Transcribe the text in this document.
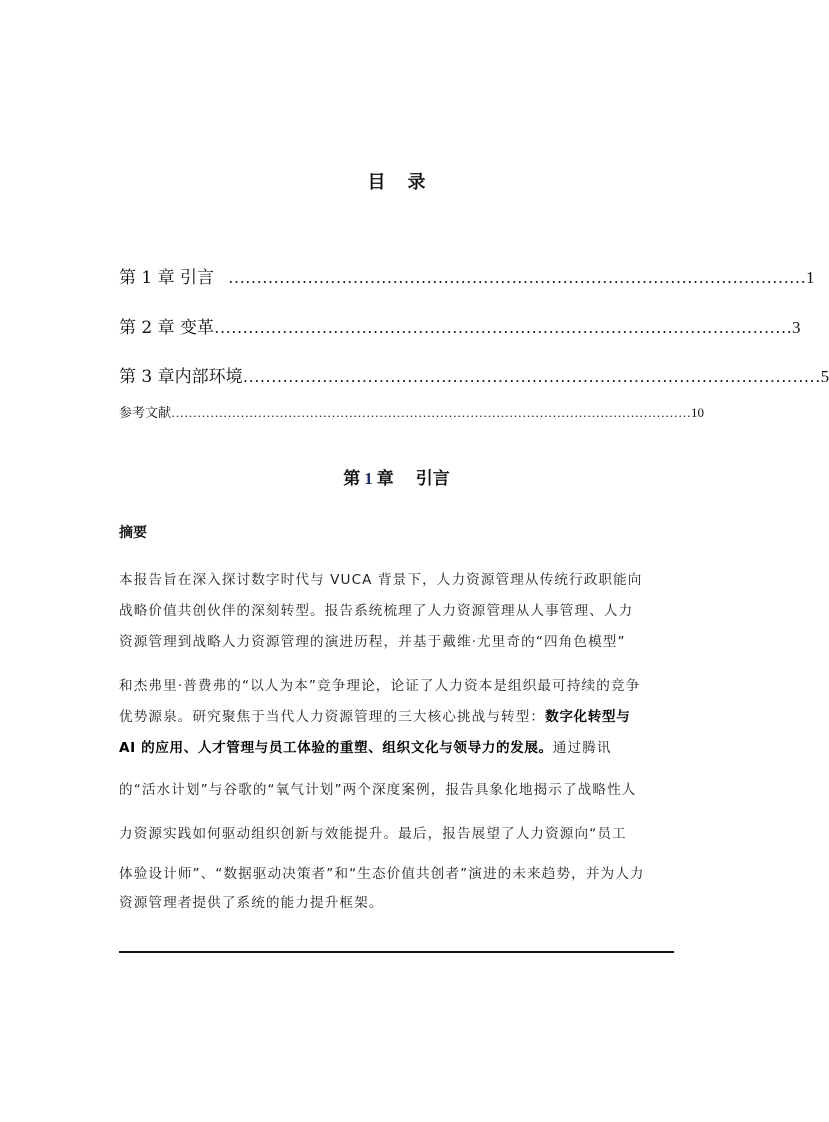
目 录
第 1 章 引言 ………………………………………………………………………………………… 1
第 2 章 变革 ………………………………………………………………………………………… 3
第 3 章内部环境 ………………………………………………………………………………………… 5
参考文献 ………………………………………………………………………………………………………… 10
第 1 章 引言
摘要
本报告旨在深入探讨数字时代与 VUCA 背景下，人力资源管理从传统行政职能向
战略价值共创伙伴的深刻转型。报告系统梳理了人力资源管理从人事管理、人力
资源管理到战略人力资源管理的演进历程，并基于戴维·尤里奇的“四角色模型”
和杰弗里·普费弗的“以人为本”竞争理论，论证了人力资本是组织最可持续的竞争
优势源泉。研究聚焦于当代人力资源管理的三大核心挑战与转型：数字化转型与
AI 的应用、人才管理与员工体验的重塑、组织文化与领导力的发展。通过腾讯
的“活水计划”与谷歌的“氧气计划”两个深度案例，报告具象化地揭示了战略性人
力资源实践如何驱动组织创新与效能提升。最后，报告展望了人力资源向“员工
体验设计师”、“数据驱动决策者”和“生态价值共创者”演进的未来趋势，并为人力
资源管理者提供了系统的能力提升框架。
